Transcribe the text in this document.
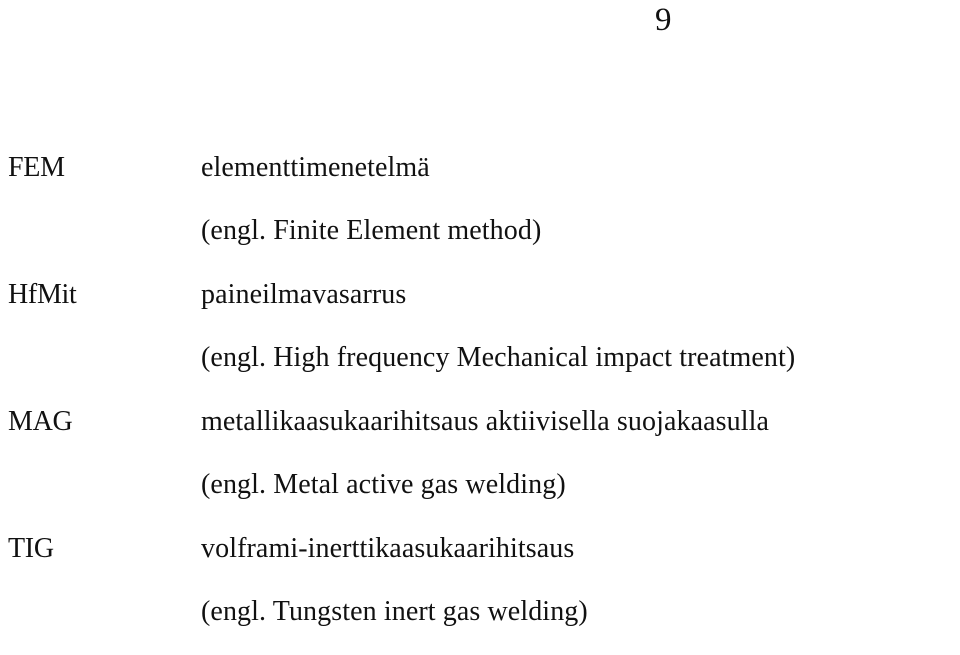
9
FEM	elementtimenetelmä
(engl. Finite Element method)
HfMit	paineilmavasarrus
(engl. High frequency Mechanical impact treatment)
MAG	metallikaasukaarihitsaus aktiivisella suojakaasulla
(engl. Metal active gas welding)
TIG	volframi-inerttikaasukaarihitsaus
(engl. Tungsten inert gas welding)
